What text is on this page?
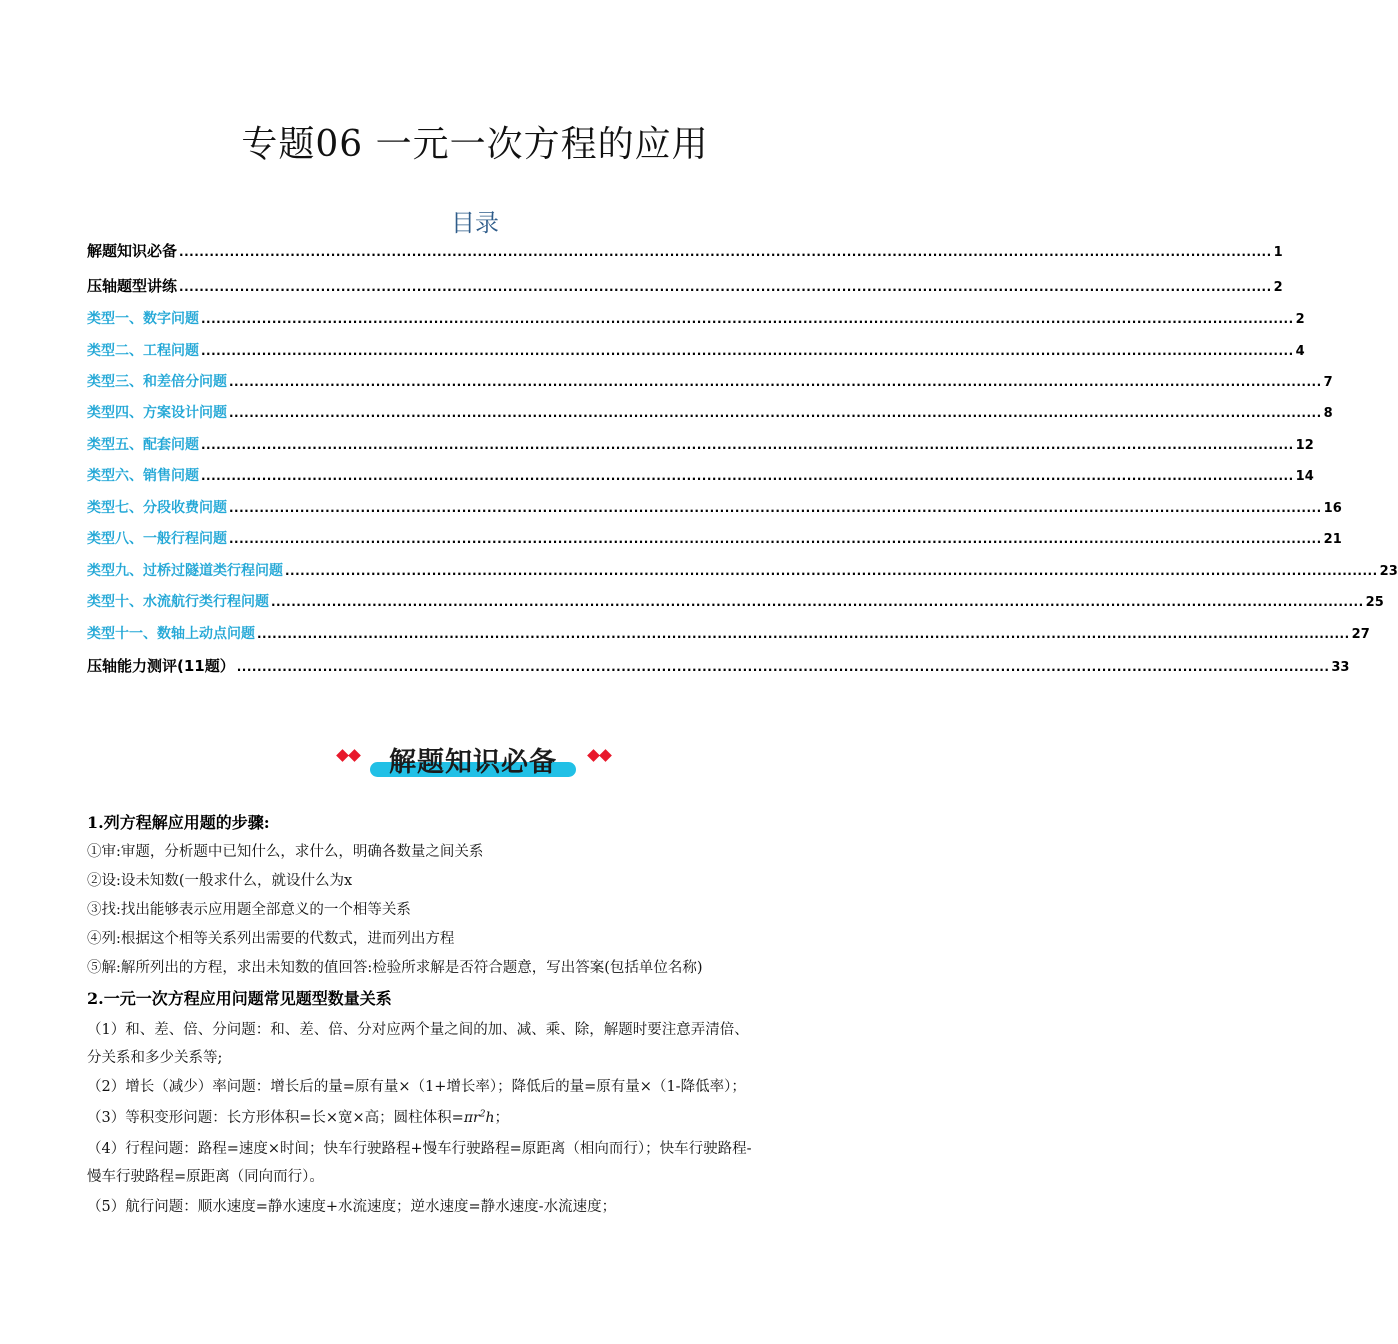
专题06 一元一次方程的应用
目录
解题知识必备 ........................................................................................................................................................................................................................ 1
压轴题型讲练 ........................................................................................................................................................................................................................ 2
类型一、数字问题 ........................................................................................................................................................................................................................ 2
类型二、工程问题 ........................................................................................................................................................................................................................ 4
类型三、和差倍分问题 ........................................................................................................................................................................................................................ 7
类型四、方案设计问题 ........................................................................................................................................................................................................................ 8
类型五、配套问题 ........................................................................................................................................................................................................................ 12
类型六、销售问题 ........................................................................................................................................................................................................................ 14
类型七、分段收费问题 ........................................................................................................................................................................................................................ 16
类型八、一般行程问题 ........................................................................................................................................................................................................................ 21
类型九、过桥过隧道类行程问题 ........................................................................................................................................................................................................................ 23
类型十、水流航行类行程问题 ........................................................................................................................................................................................................................ 25
类型十一、数轴上动点问题 ........................................................................................................................................................................................................................ 27
压轴能力测评(11题） ........................................................................................................................................................................................................................ 33
解题知识必备
1.列方程解应用题的步骤:
①审:审题，分析题中已知什么，求什么，明确各数量之间关系
②设:设未知数(一般求什么，就设什么为x
③找:找出能够表示应用题全部意义的一个相等关系
④列:根据这个相等关系列出需要的代数式，进而列出方程
⑤解:解所列出的方程，求出未知数的值回答:检验所求解是否符合题意，写出答案(包括单位名称)
2.一元一次方程应用问题常见题型数量关系
（1）和、差、倍、分问题：和、差、倍、分对应两个量之间的加、减、乘、除，解题时要注意弄清倍、
分关系和多少关系等;
（2）增长（减少）率问题：增长后的量=原有量×（1+增长率）；降低后的量=原有量×（1-降低率）；
（3）等积变形问题：长方形体积=长×宽×高；圆柱体积$=\pi r^2h$；
（4）行程问题：路程=速度×时间；快车行驶路程+慢车行驶路程=原距离（相向而行）；快车行驶路程-
慢车行驶路程=原距离（同向而行）。
（5）航行问题：顺水速度=静水速度+水流速度；逆水速度=静水速度-水流速度；
